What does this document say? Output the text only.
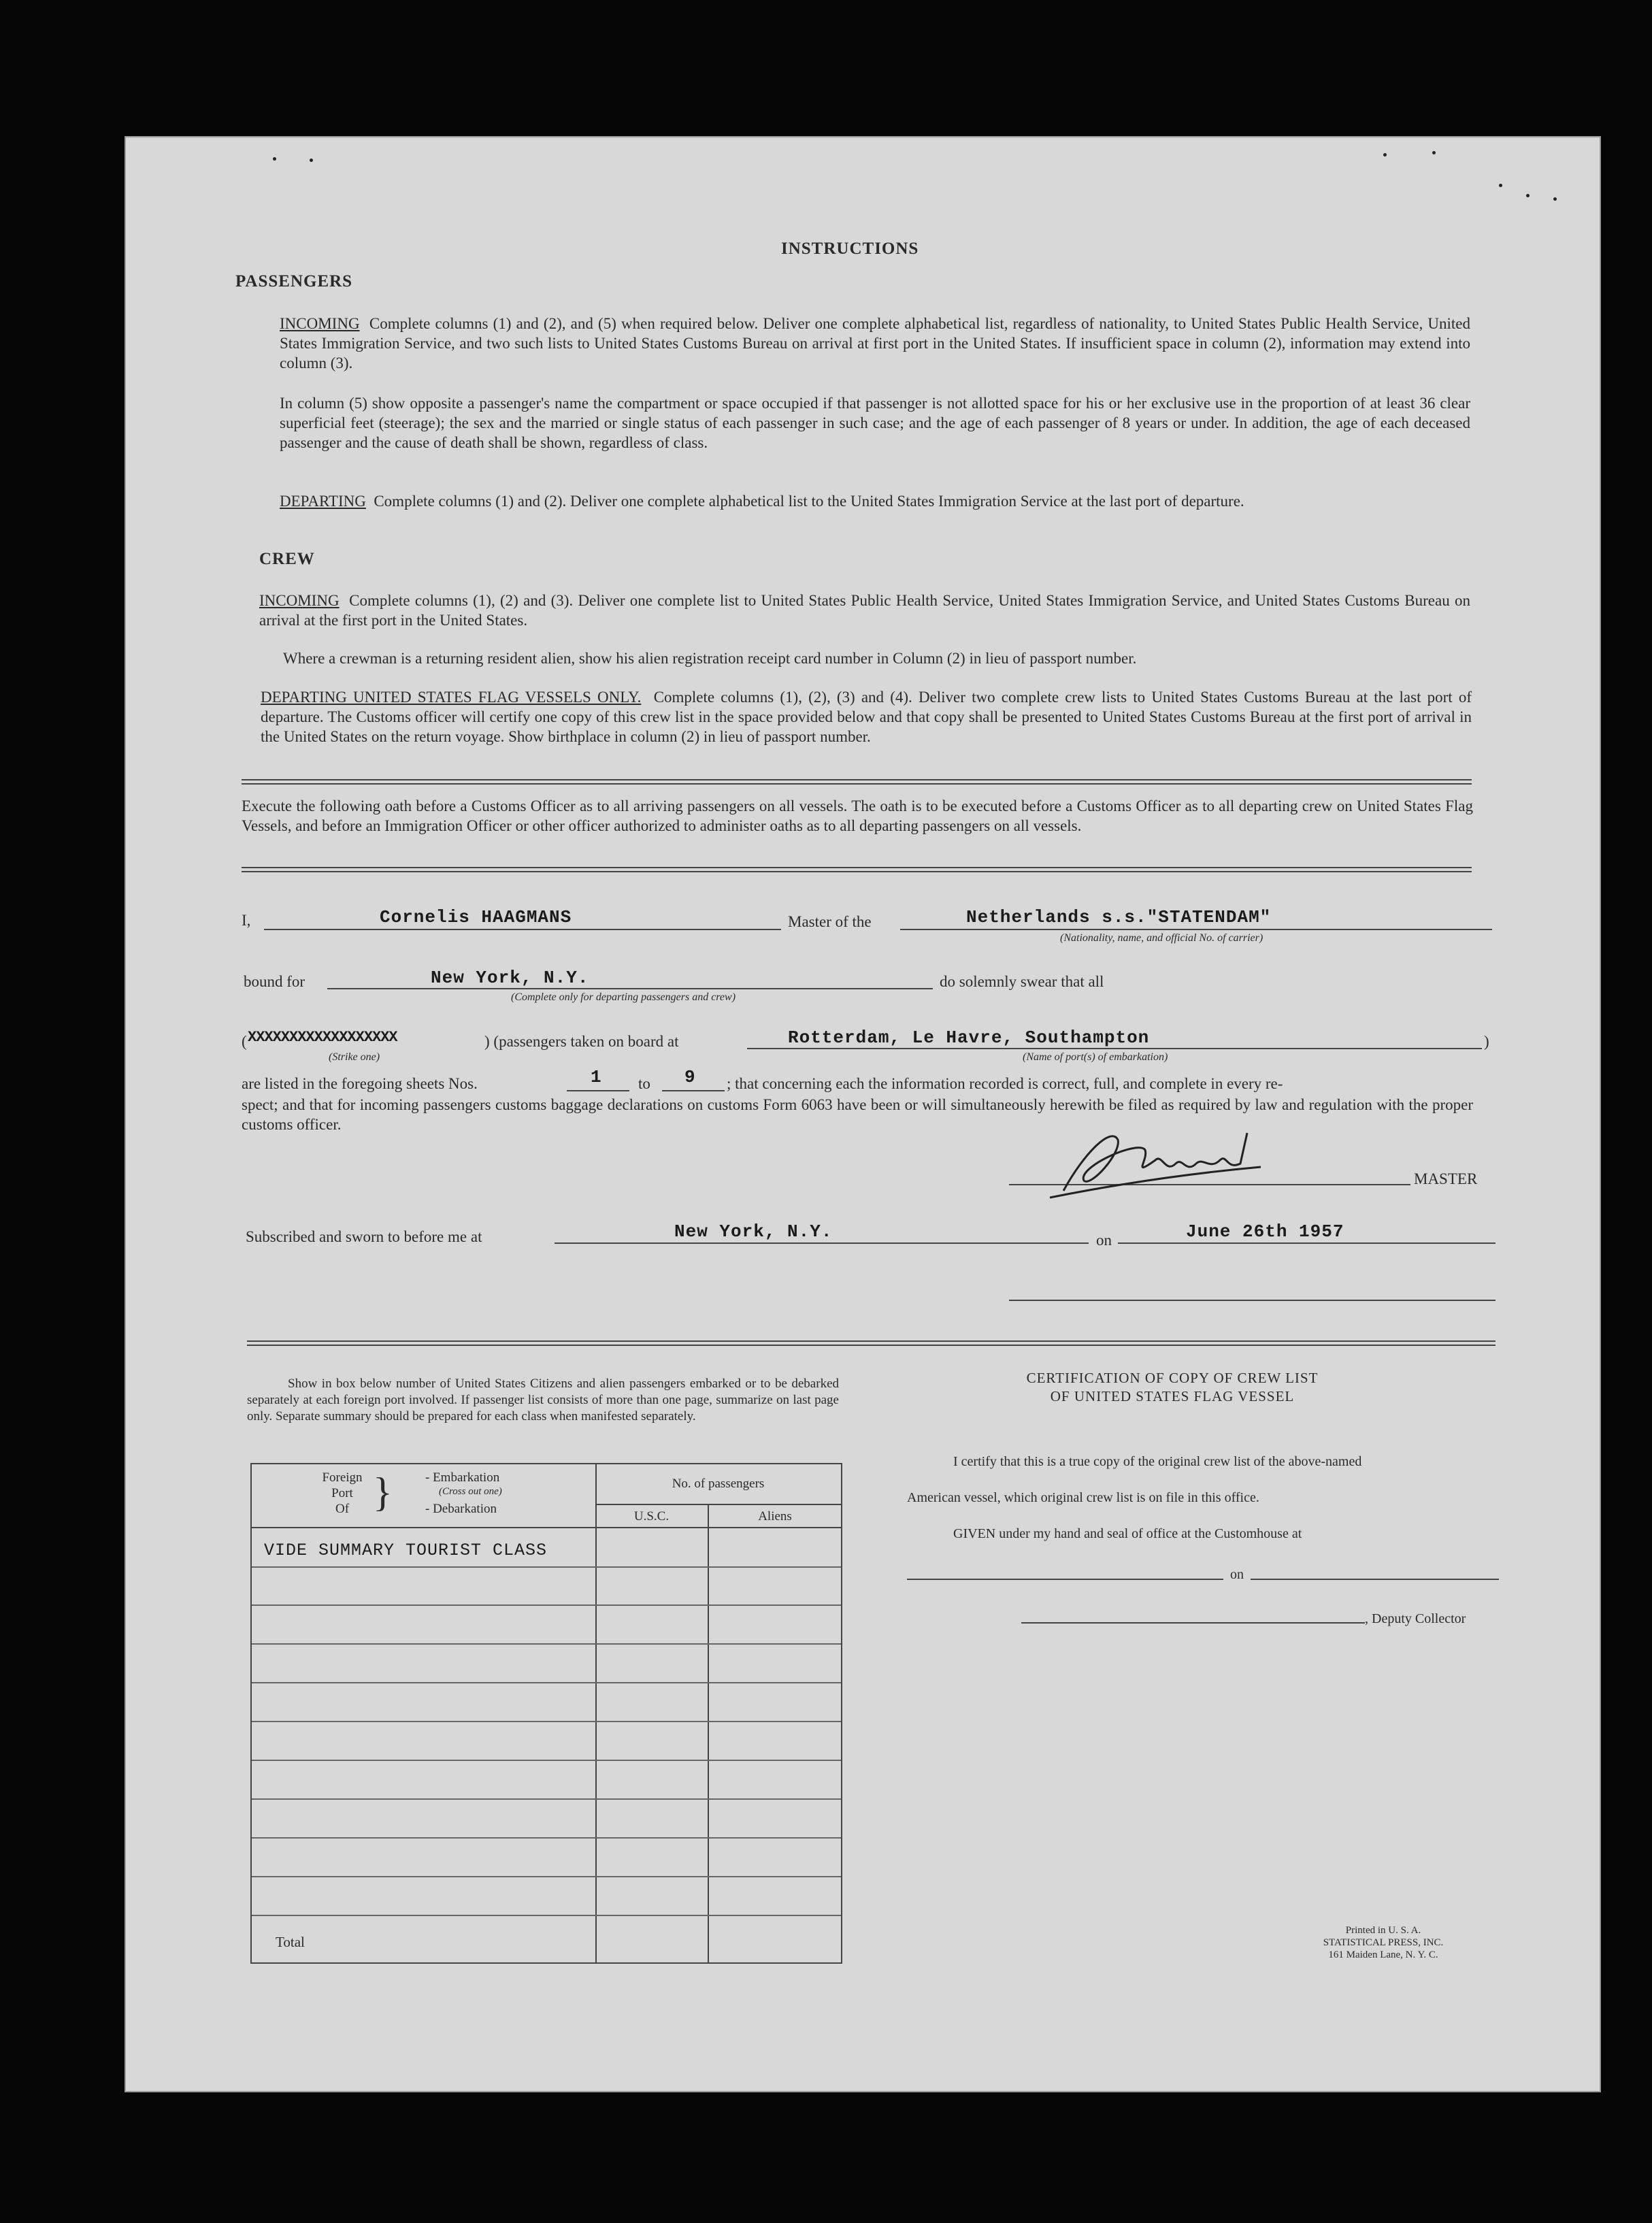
INSTRUCTIONS
PASSENGERS
INCOMING Complete columns (1) and (2), and (5) when required below. Deliver one complete alphabetical list, regardless of nationality, to United States Public Health Service, United States Immigration Service, and two such lists to United States Customs Bureau on arrival at first port in the United States. If insufficient space in column (2), information may extend into column (3).
In column (5) show opposite a passenger's name the compartment or space occupied if that passenger is not allotted space for his or her exclusive use in the proportion of at least 36 clear superficial feet (steerage); the sex and the married or single status of each passenger in such case; and the age of each passenger of 8 years or under. In addition, the age of each deceased passenger and the cause of death shall be shown, regardless of class.
DEPARTING Complete columns (1) and (2). Deliver one complete alphabetical list to the United States Immigration Service at the last port of departure.
CREW
INCOMING Complete columns (1), (2) and (3). Deliver one complete list to United States Public Health Service, United States Immigration Service, and United States Customs Bureau on arrival at the first port in the United States.
Where a crewman is a returning resident alien, show his alien registration receipt card number in Column (2) in lieu of passport number.
DEPARTING UNITED STATES FLAG VESSELS ONLY. Complete columns (1), (2), (3) and (4). Deliver two complete crew lists to United States Customs Bureau at the last port of departure. The Customs officer will certify one copy of this crew list in the space provided below and that copy shall be presented to United States Customs Bureau at the first port of arrival in the United States on the return voyage. Show birthplace in column (2) in lieu of passport number.
Execute the following oath before a Customs Officer as to all arriving passengers on all vessels. The oath is to be executed before a Customs Officer as to all departing crew on United States Flag Vessels, and before an Immigration Officer or other officer authorized to administer oaths as to all departing passengers on all vessels.
I,	Cornelis HAAGMANS	Master of the	Netherlands s.s."STATENDAM"
(Nationality, name, and official No. of carrier)
bound for	New York, N.Y.
(Complete only for departing passengers and crew)
do solemnly swear that all
( XXXXXXXXXXXXXXXXXX
(Strike one)
) (passengers taken on board at	Rotterdam, Le Havre, Southampton
(Name of port(s) of embarkation)
)
are listed in the foregoing sheets Nos.	1 to 9 ; that concerning each the information recorded is correct, full, and complete in every re-
spect; and that for incoming passengers customs baggage declarations on customs Form 6063 have been or will simultaneously herewith be filed as required by law and regulation with the proper customs officer.
MASTER
Subscribed and sworn to before me at	New York, N.Y.	on	June 26th 1957
Show in box below number of United States Citizens and alien passengers embarked or to be debarked separately at each foreign port involved. If passenger list consists of more than one page, summarize on last page only. Separate summary should be prepared for each class when manifested separately.
Foreign
Port
Of }	- Embarkation
(Cross out one)
- Debarkation
No. of passengers
U.S.C.	Aliens
VIDE SUMMARY TOURIST CLASS
Total
CERTIFICATION OF COPY OF CREW LIST
OF UNITED STATES FLAG VESSEL
I certify that this is a true copy of the original crew list of the above-named
American vessel, which original crew list is on file in this office.
GIVEN under my hand and seal of office at the Customhouse at
on
, Deputy Collector
Printed in U. S. A.
STATISTICAL PRESS, INC.
161 Maiden Lane, N. Y. C.
